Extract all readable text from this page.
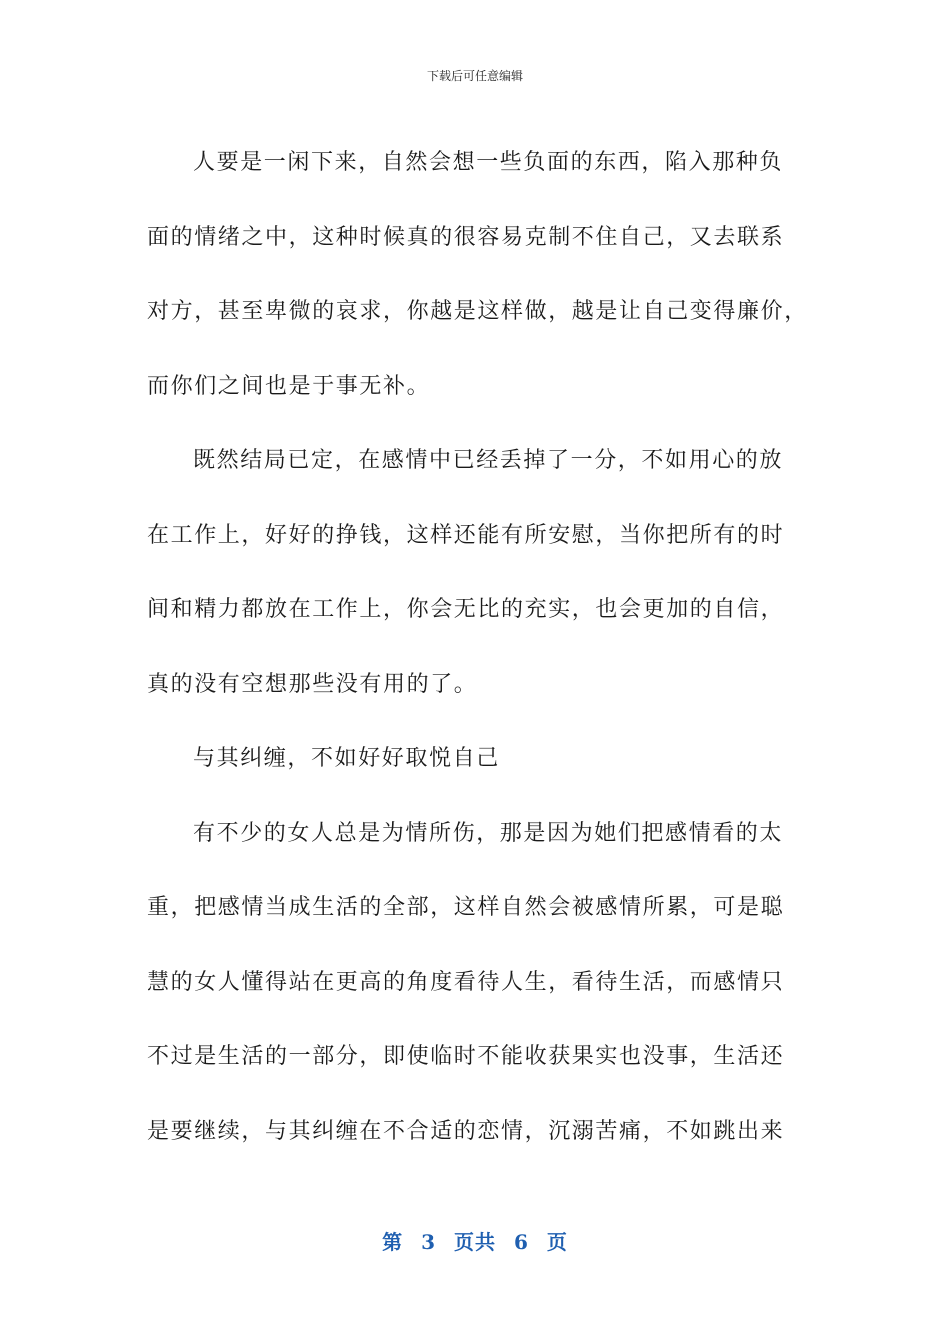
下载后可任意编辑
人要是一闲下来，自然会想一些负面的东西，陷入那种负
面的情绪之中，这种时候真的很容易克制不住自己，又去联系
对方，甚至卑微的哀求，你越是这样做，越是让自己变得廉价，
而你们之间也是于事无补。
既然结局已定，在感情中已经丢掉了一分，不如用心的放
在工作上，好好的挣钱，这样还能有所安慰，当你把所有的时
间和精力都放在工作上，你会无比的充实，也会更加的自信，
真的没有空想那些没有用的了。
与其纠缠，不如好好取悦自己
有不少的女人总是为情所伤，那是因为她们把感情看的太
重，把感情当成生活的全部，这样自然会被感情所累，可是聪
慧的女人懂得站在更高的角度看待人生，看待生活，而感情只
不过是生活的一部分，即使临时不能收获果实也没事，生活还
是要继续，与其纠缠在不合适的恋情，沉溺苦痛，不如跳出来
第 3 页共 6 页
